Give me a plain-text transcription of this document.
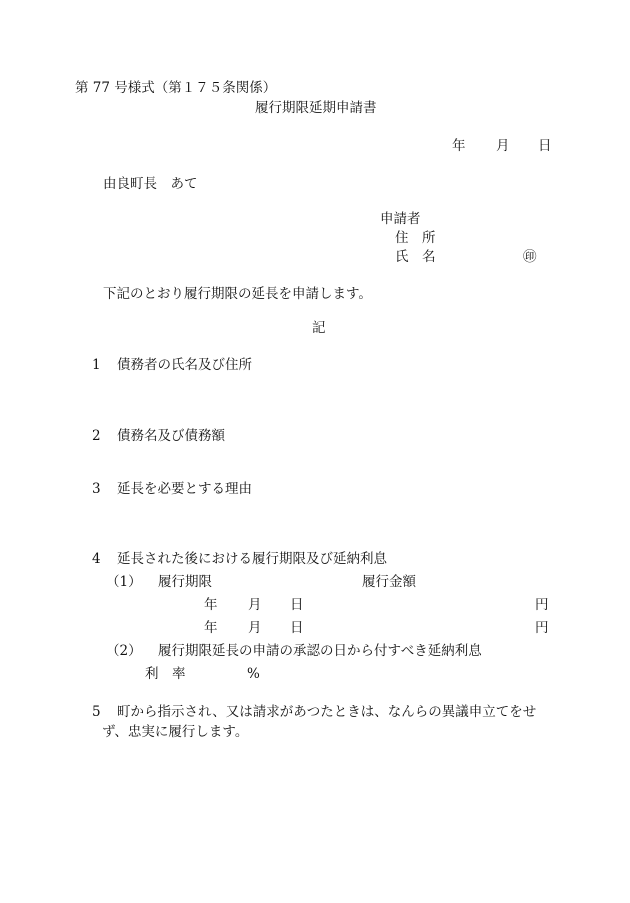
第 77 号様式（第１７５条関係）
履行期限延期申請書
年 月 日
由良町長　あて
申請者
住　所
氏　名	㊞
下記のとおり履行期限の延長を申請します。
記
1 債務者の氏名及び住所
2 債務名及び債務額
3 延長を必要とする理由
4 延長された後における履行期限及び延納利息
（1） 履行期限	履行金額
年 月 日	円
年 月 日	円
（2） 履行期限延長の申請の承認の日から付すべき延納利息
利　率	%
5 町から指示され、又は請求があつたときは、なんらの異議申立てをせ
ず、忠実に履行します。
